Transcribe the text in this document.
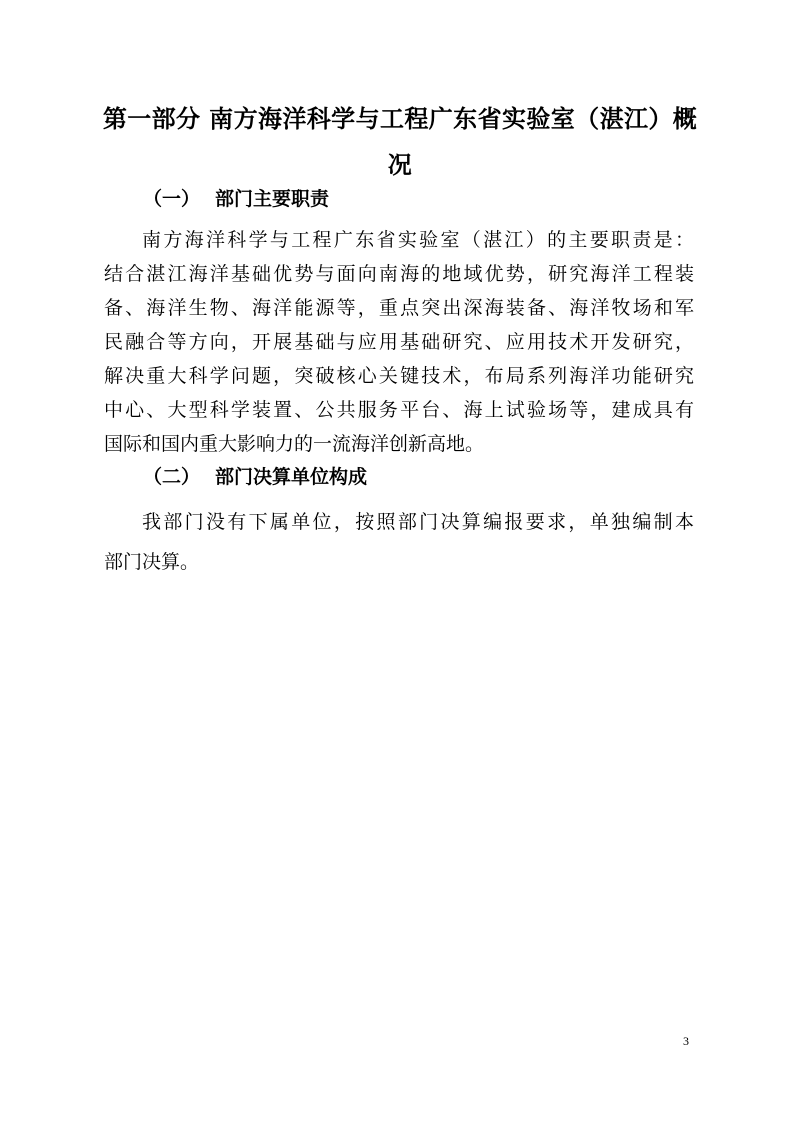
第一部分 南方海洋科学与工程广东省实验室（湛江）概
况
（一） 部门主要职责
南方海洋科学与工程广东省实验室（湛江）的主要职责是：
结合湛江海洋基础优势与面向南海的地域优势，研究海洋工程装
备、海洋生物、海洋能源等，重点突出深海装备、海洋牧场和军
民融合等方向，开展基础与应用基础研究、应用技术开发研究，
解决重大科学问题，突破核心关键技术，布局系列海洋功能研究
中心、大型科学装置、公共服务平台、海上试验场等，建成具有
国际和国内重大影响力的一流海洋创新高地。
（二） 部门决算单位构成
我部门没有下属单位，按照部门决算编报要求，单独编制本
部门决算。
3
